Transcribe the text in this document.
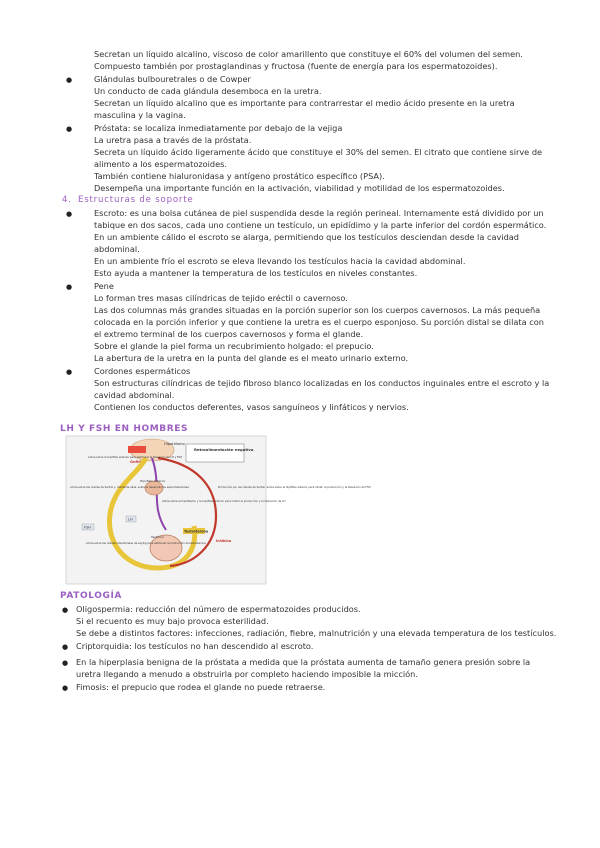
Secretan un líquido alcalino, viscoso de color amarillento que constituye el 60% del volumen del semen.
Compuesto también por prostaglandinas y fructosa (fuente de energía para los espermatozoides).
●	Glándulas bulbouretrales o de Cowper
Un conducto de cada glándula desemboca en la uretra.
Secretan un líquido alcalino que es importante para contrarrestar el medio ácido presente en la uretra
masculina y la vagina.
●	Próstata: se localiza inmediatamente por debajo de la vejiga
La uretra pasa a través de la próstata.
Secreta un líquido ácido ligeramente ácido que constituye el 30% del semen. El citrato que contiene sirve de
alimento a los espermatozoides.
También contiene hialuronidasa y antígeno prostático específico (PSA).
Desempeña una importante función en la activación, viabilidad y motilidad de los espermatozoides.
4. Estructuras de soporte
●	Escroto: es una bolsa cutánea de piel suspendida desde la región perineal. Internamente está dividido por un
tabique en dos sacos, cada uno contiene un testículo, un epidídimo y la parte inferior del cordón espermático.
En un ambiente cálido el escroto se alarga, permitiendo que los testículos desciendan desde la cavidad
abdominal.
En un ambiente frío el escroto se eleva llevando los testículos hacia la cavidad abdominal.
Esto ayuda a mantener la temperatura de los testículos en niveles constantes.
●	Pene
Lo forman tres masas cilíndricas de tejido eréctil o cavernoso.
Las dos columnas más grandes situadas en la porción superior son los cuerpos cavernosos. La más pequeña
colocada en la porción inferior y que contiene la uretra es el cuerpo esponjoso. Su porción distal se dilata con
el extremo terminal de los cuerpos cavernosos y forma el glande.
Sobre el glande la piel forma un recubrimiento holgado: el prepucio.
La abertura de la uretra en la punta del glande es el meato urinario externo.
●	Cordones espermáticos
Son estructuras cilíndricas de tejido fibroso blanco localizadas en los conductos inguinales entre el escroto y la
cavidad abdominal.
Contienen los conductos deferentes, vasos sanguíneos y linfáticos y nervios.
LH Y FSH EN HOMBRES
Hipotálamo
GnRH
Retroalimentación negativa
Hipófisis anterior
Testículo
Testosterona
FSH
LH
Inhibina
Actúa sobre la hipófisis anterior para estimular la liberación de LH y FSH
Actúa sobre las células de Sertoli y, mediante ellas, sobre el desarrollo de espermatozoides	Producción por las células de Sertoli, actúa sobre la hipófisis anterior para inhibir la producción y la liberación de FSH
Actúa sobre el hipotálamo y la hipófisis anterior para inhibir la producción y la liberación de LH
Actúa sobre las células intersticiales de Leydig para estimular la producción de testosterona
PATOLOGÍA
● Oligospermia: reducción del número de espermatozoides producidos.
Si el recuento es muy bajo provoca esterilidad.
Se debe a distintos factores: infecciones, radiación, fiebre, malnutrición y una elevada temperatura de los testículos.
● Criptorquidia: los testículos no han descendido al escroto.
● En la hiperplasia benigna de la próstata a medida que la próstata aumenta de tamaño genera presión sobre la
uretra llegando a menudo a obstruirla por completo haciendo imposible la micción.
● Fimosis: el prepucio que rodea el glande no puede retraerse.
